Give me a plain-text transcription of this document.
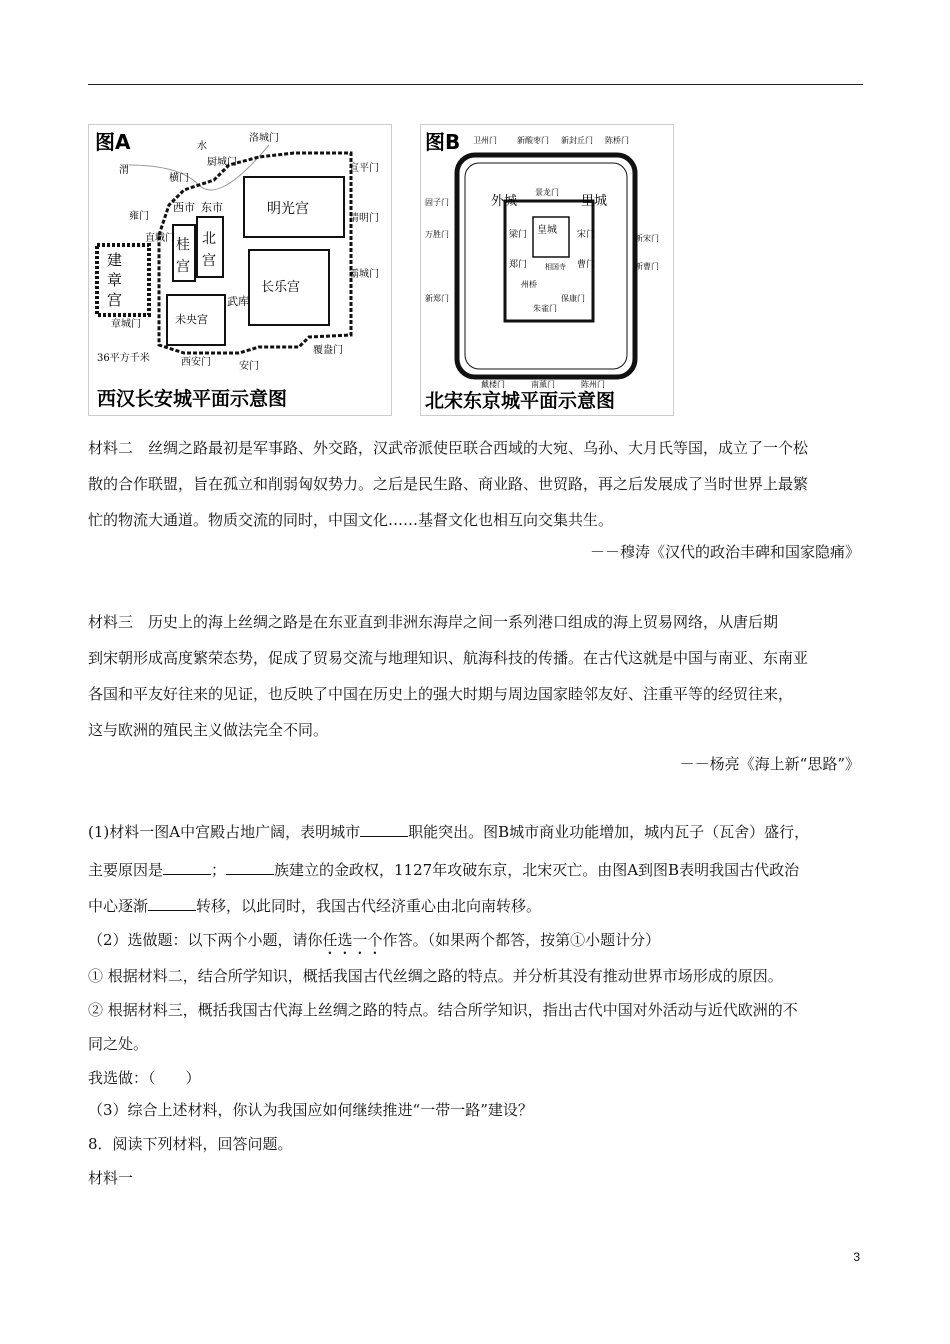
图A
建
章
宫
明光宫
北
宫
桂
宫
西市 东市
长乐宫
未央宫
武库
洛城门
宣平门
清明门
霸城门
覆盎门
安门
西安门
章城门
直城门
雍门
横门
厨城门
水
渭
36平方千米
西汉长安城平面示意图
图B
外城	里城
皇城
梁门	宋门
郑门	曹门
州桥
相国寺
朱雀门
景龙门
保康门
卫州门	新酸枣门 新封丘门 陈桥门
固子门
万胜门	新宋门
新曹门
南薰门	陈州门
戴楼门
新郑门
北宋东京城平面示意图
材料二　丝绸之路最初是军事路、外交路，汉武帝派使臣联合西域的大宛、乌孙、大月氏等国，成立了一个松
散的合作联盟，旨在孤立和削弱匈奴势力。之后是民生路、商业路、世贸路，再之后发展成了当时世界上最繁
忙的物流大通道。物质交流的同时，中国文化……基督文化也相互向交集共生。
－－穆涛《汉代的政治丰碑和国家隐痛》
材料三　历史上的海上丝绸之路是在东亚直到非洲东海岸之间一系列港口组成的海上贸易网络，从唐后期
到宋朝形成高度繁荣态势，促成了贸易交流与地理知识、航海科技的传播。在古代这就是中国与南亚、东南亚
各国和平友好往来的见证，也反映了中国在历史上的强大时期与周边国家睦邻友好、注重平等的经贸往来，
这与欧洲的殖民主义做法完全不同。
－－杨亮《海上新“思路”》
(1)材料一图A中宫殿占地广阔，表明城市	职能突出。图B城市商业功能增加，城内瓦子（瓦舍）盛行，
主要原因是	；	族建立的金政权，1127年攻破东京，北宋灭亡。由图A到图B表明我国古代政治
中心逐渐	转移，以此同时，我国古代经济重心由北向南转移。
（2）选做题：以下两个小题，请你任选一个作答。（如果两个都答，按第①小题计分）
① 根据材料二，结合所学知识，概括我国古代丝绸之路的特点。并分析其没有推动世界市场形成的原因。
② 根据材料三，概括我国古代海上丝绸之路的特点。结合所学知识，指出古代中国对外活动与近代欧洲的不
同之处。
我选做：（　　）
（3）综合上述材料，你认为我国应如何继续推进“一带一路”建设？
8．阅读下列材料，回答问题。
材料一
3
